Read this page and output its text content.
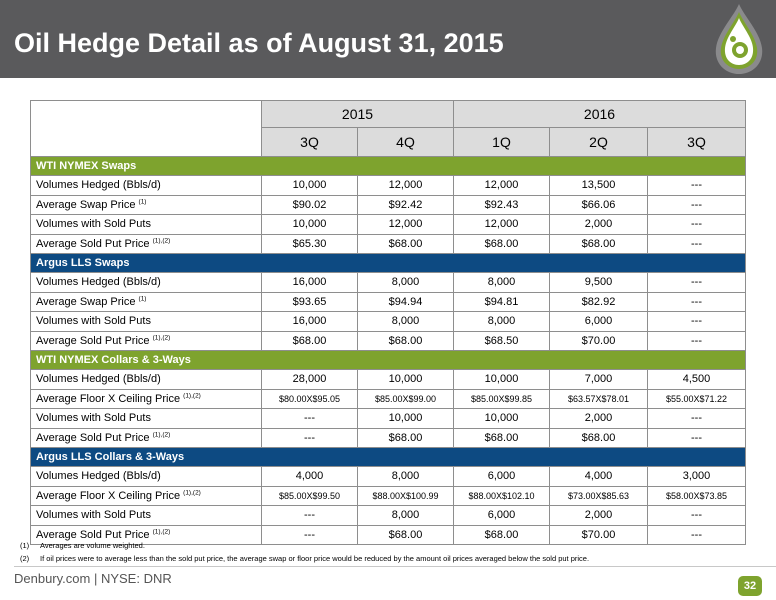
Oil Hedge Detail as of August 31, 2015
	2015		2016		
	3Q	4Q	1Q	2Q	3Q
WTI NYMEX Swaps					
Volumes Hedged (Bbls/d)	10,000	12,000	12,000	13,500	---
Average Swap Price $^{(1)}$	$90.02	$92.42	$92.43	$66.06	---
Volumes with Sold Puts	10,000	12,000	12,000	2,000	---
Average Sold Put Price $^{(1),(2)}$	$65.30	$68.00	$68.00	$68.00	---
Argus LLS Swaps					
Volumes Hedged (Bbls/d)	16,000	8,000	8,000	9,500	---
Average Swap Price $^{(1)}$	$93.65	$94.94	$94.81	$82.92	---
Volumes with Sold Puts	16,000	8,000	8,000	6,000	---
Average Sold Put Price $^{(1),(2)}$	$68.00	$68.00	$68.50	$70.00	---
WTI NYMEX Collars & 3-Ways					
Volumes Hedged (Bbls/d)	28,000	10,000	10,000	7,000	4,500
Average Floor X Ceiling Price $^{(1),(2)}$	$80.00X$95.05	$85.00X$99.00	$85.00X$99.85	$63.57X$78.01	$55.00X$71.22
Volumes with Sold Puts	---	10,000	10,000	2,000	---
Average Sold Put Price $^{(1),(2)}$	---	$68.00	$68.00	$68.00	---
Argus LLS Collars & 3-Ways					
Volumes Hedged (Bbls/d)	4,000	8,000	6,000	4,000	3,000
Average Floor X Ceiling Price $^{(1),(2)}$	$85.00X$99.50	$88.00X$100.99	$88.00X$102.10	$73.00X$85.63	$58.00X$73.85
Volumes with Sold Puts	---	8,000	6,000	2,000	---
Average Sold Put Price $^{(1),(2)}$	---	$68.00	$68.00	$70.00	---
(1) Averages are volume weighted.
(2) If oil prices were to average less than the sold put price, the average swap or floor price would be reduced by the amount oil prices averaged below the sold put price.
Denbury.com | NYSE: DNR	32
